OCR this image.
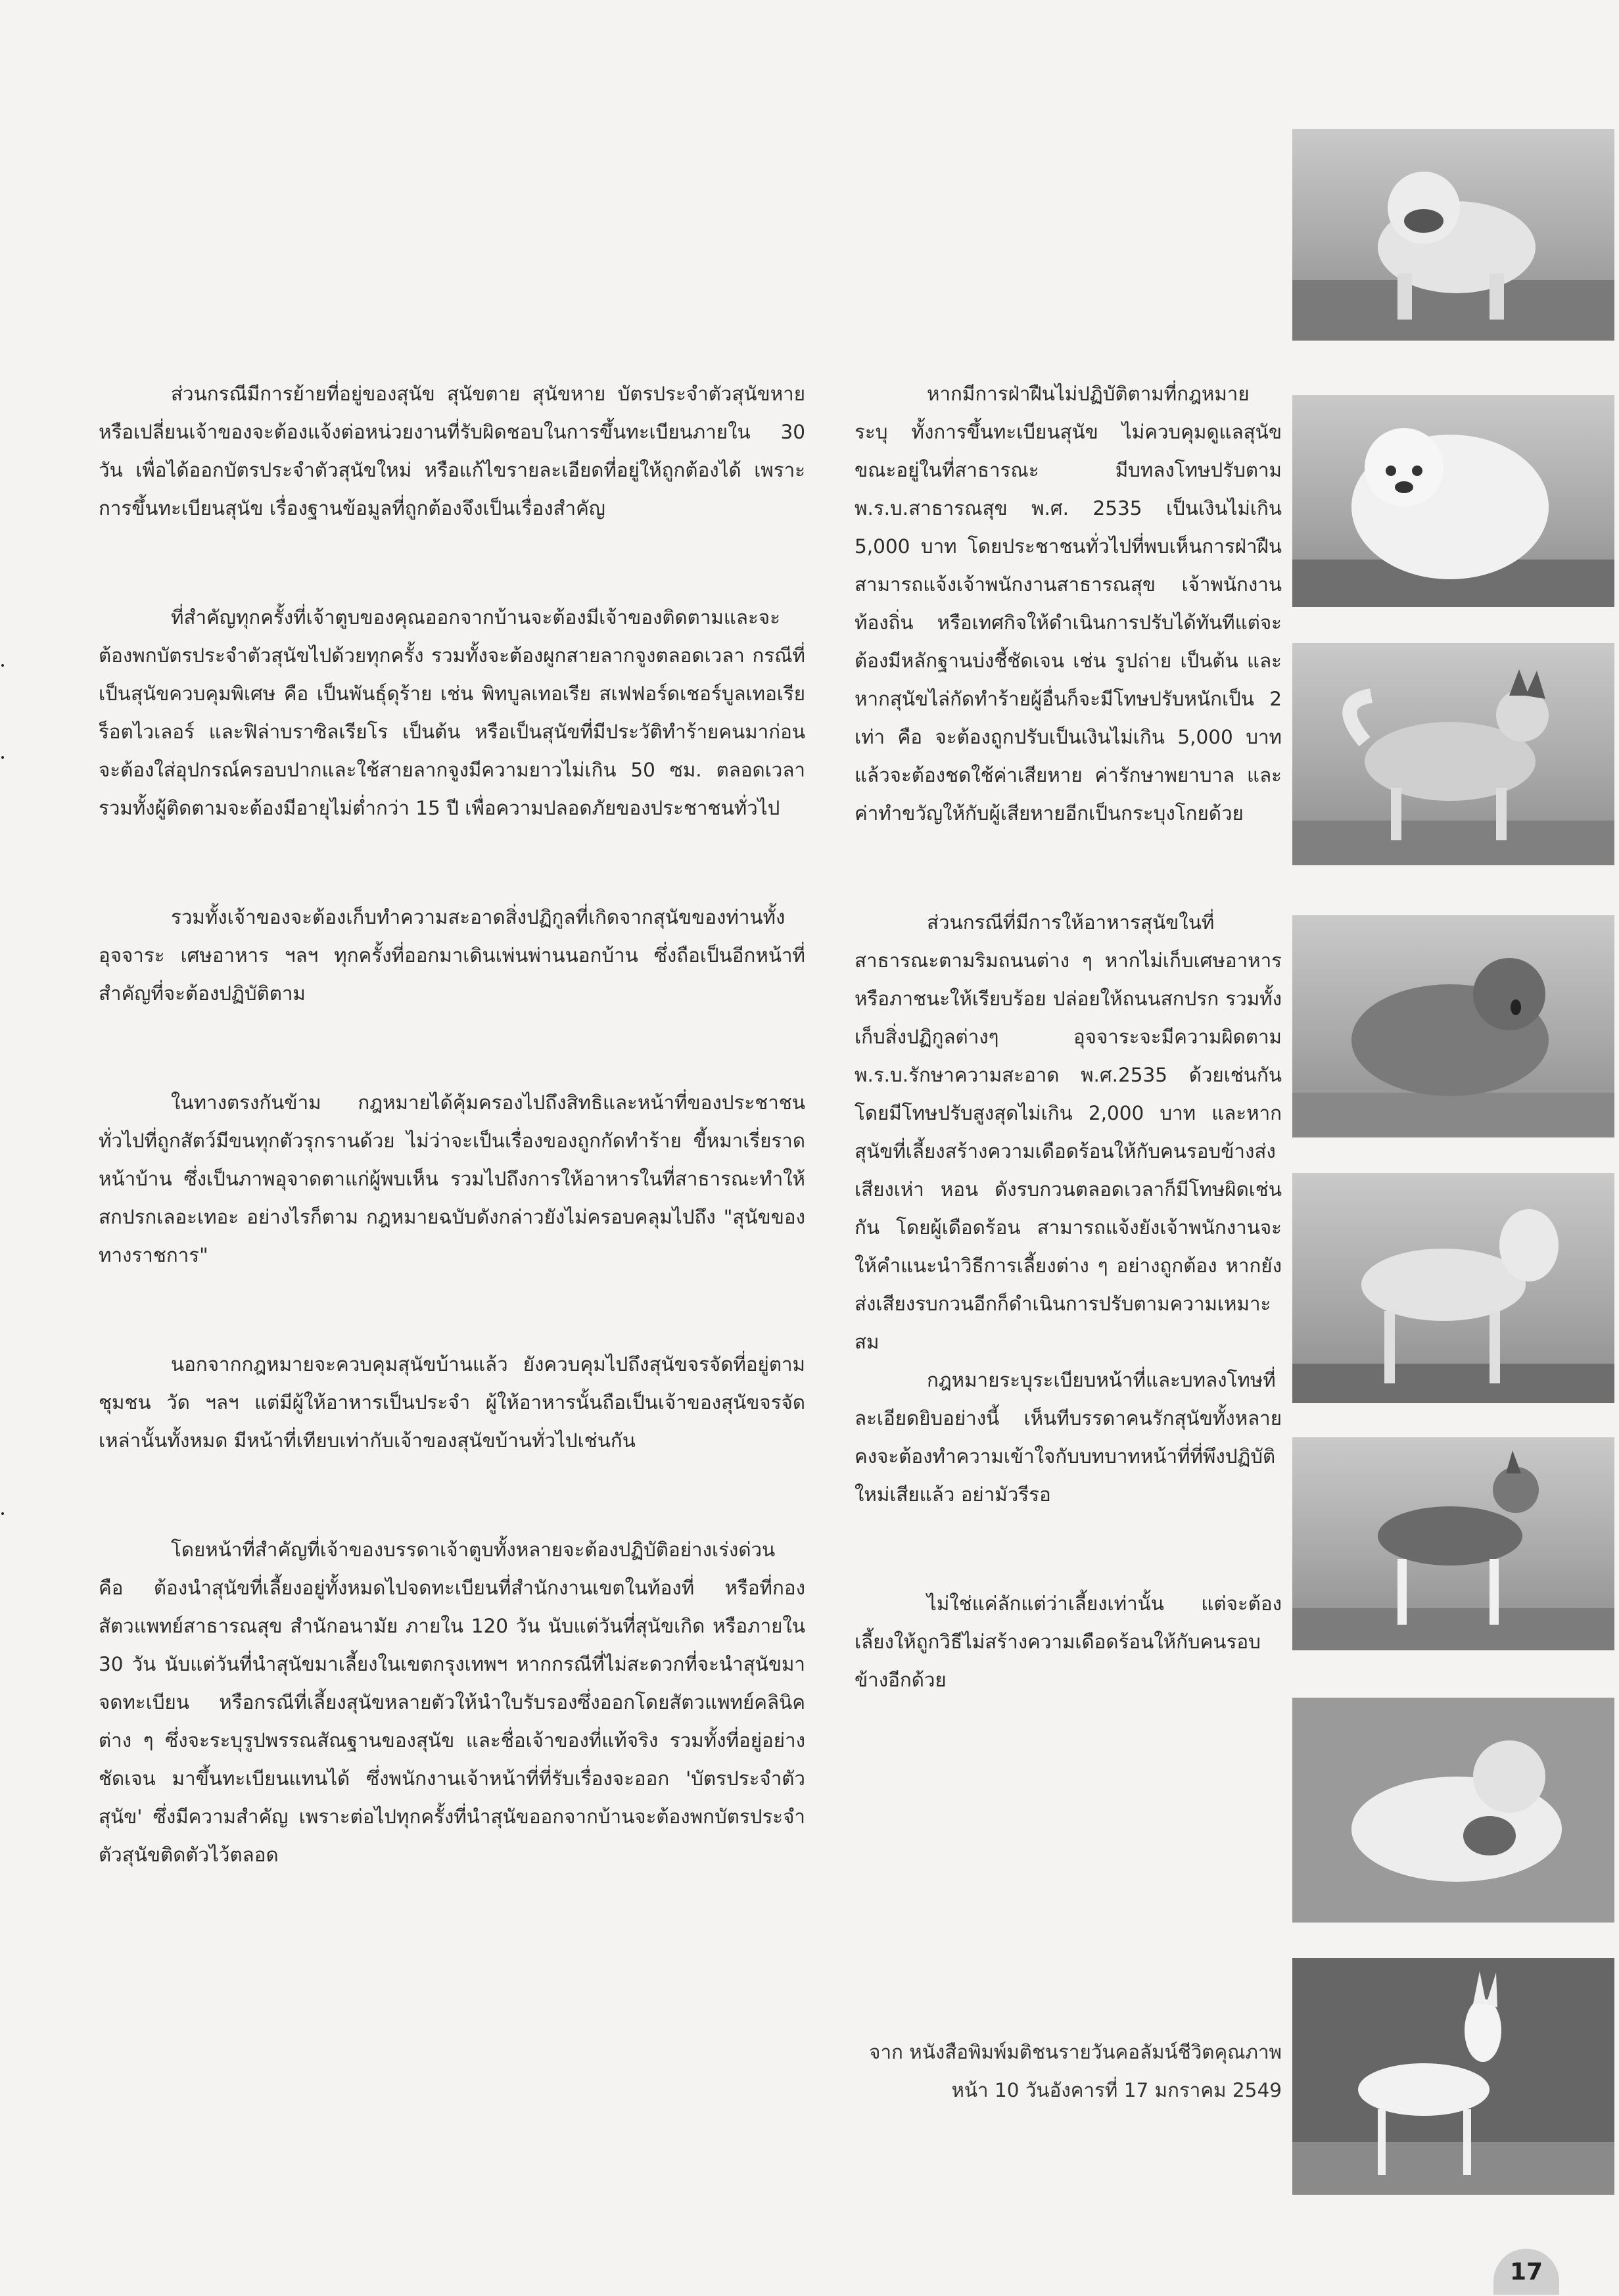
ส่วนกรณีมีการย้ายที่อยู่ของสุนัข สุนัขตาย สุนัขหาย บัตรประจำตัวสุนัขหาย หรือเปลี่ยนเจ้าของจะต้องแจ้งต่อหน่วยงานที่รับผิดชอบในการขึ้นทะเบียนภายใน 30 วัน เพื่อได้ออกบัตรประจำตัวสุนัขใหม่ หรือแก้ไขรายละเอียดที่อยู่ให้ถูกต้องได้ เพราะการขึ้นทะเบียนสุนัข เรื่องฐานข้อมูลที่ถูกต้องจึงเป็นเรื่องสำคัญ

ที่สำคัญทุกครั้งที่เจ้าตูบของคุณออกจากบ้านจะต้องมีเจ้าของติดตามและจะต้องพกบัตรประจำตัวสุนัขไปด้วยทุกครั้ง รวมทั้งจะต้องผูกสายลากจูงตลอดเวลา กรณีที่เป็นสุนัขควบคุมพิเศษ คือ เป็นพันธุ์ดุร้าย เช่น พิทบูลเทอเรีย สเฟฟอร์ดเชอร์บูลเทอเรีย ร็อตไวเลอร์ และฟิล่าบราซิลเรียโร เป็นต้น หรือเป็นสุนัขที่มีประวัติทำร้ายคนมาก่อน จะต้องใส่อุปกรณ์ครอบปากและใช้สายลากจูงมีความยาวไม่เกิน 50 ซม. ตลอดเวลา รวมทั้งผู้ติดตามจะต้องมีอายุไม่ต่ำกว่า 15 ปี เพื่อความปลอดภัยของประชาชนทั่วไป

รวมทั้งเจ้าของจะต้องเก็บทำความสะอาดสิ่งปฏิกูลที่เกิดจากสุนัขของท่านทั้งอุจจาระ เศษอาหาร ฯลฯ ทุกครั้งที่ออกมาเดินเพ่นพ่านนอกบ้าน ซึ่งถือเป็นอีกหน้าที่สำคัญที่จะต้องปฏิบัติตาม

ในทางตรงกันข้าม กฎหมายได้คุ้มครองไปถึงสิทธิและหน้าที่ของประชาชนทั่วไปที่ถูกสัตว์มีขนทุกตัวรุกรานด้วย ไม่ว่าจะเป็นเรื่องของถูกกัดทำร้าย ขี้หมาเรี่ยราดหน้าบ้าน ซึ่งเป็นภาพอุจาดตาแก่ผู้พบเห็น รวมไปถึงการให้อาหารในที่สาธารณะทำให้สกปรกเลอะเทอะ อย่างไรก็ตาม กฎหมายฉบับดังกล่าวยังไม่ครอบคลุมไปถึง "สุนัขของทางราชการ"

นอกจากกฎหมายจะควบคุมสุนัขบ้านแล้ว ยังควบคุมไปถึงสุนัขจรจัดที่อยู่ตามชุมชน วัด ฯลฯ แต่มีผู้ให้อาหารเป็นประจำ ผู้ให้อาหารนั้นถือเป็นเจ้าของสุนัขจรจัดเหล่านั้นทั้งหมด มีหน้าที่เทียบเท่ากับเจ้าของสุนัขบ้านทั่วไปเช่นกัน

โดยหน้าที่สำคัญที่เจ้าของบรรดาเจ้าตูบทั้งหลายจะต้องปฏิบัติอย่างเร่งด่วน คือ ต้องนำสุนัขที่เลี้ยงอยู่ทั้งหมดไปจดทะเบียนที่สำนักงานเขตในท้องที่ หรือที่กองสัตวแพทย์สาธารณสุข สำนักอนามัย ภายใน 120 วัน นับแต่วันที่สุนัขเกิด หรือภายใน 30 วัน นับแต่วันที่นำสุนัขมาเลี้ยงในเขตกรุงเทพฯ หากกรณีที่ไม่สะดวกที่จะนำสุนัขมาจดทะเบียน หรือกรณีที่เลี้ยงสุนัขหลายตัวให้นำใบรับรองซึ่งออกโดยสัตวแพทย์คลินิคต่าง ๆ ซึ่งจะระบุรูปพรรณสัณฐานของสุนัข และชื่อเจ้าของที่แท้จริง รวมทั้งที่อยู่อย่างชัดเจน มาขึ้นทะเบียนแทนได้ ซึ่งพนักงานเจ้าหน้าที่ที่รับเรื่องจะออก 'บัตรประจำตัวสุนัข' ซึ่งมีความสำคัญ เพราะต่อไปทุกครั้งที่นำสุนัขออกจากบ้านจะต้องพกบัตรประจำตัวสุนัขติดตัวไว้ตลอด

หากมีการฝ่าฝืนไม่ปฏิบัติตามที่กฎหมายระบุ ทั้งการขึ้นทะเบียนสุนัข ไม่ควบคุมดูแลสุนัขขณะอยู่ในที่สาธารณะ มีบทลงโทษปรับตาม พ.ร.บ.สาธารณสุข พ.ศ. 2535 เป็นเงินไม่เกิน 5,000 บาท โดยประชาชนทั่วไปที่พบเห็นการฝ่าฝืนสามารถแจ้งเจ้าพนักงานสาธารณสุข เจ้าพนักงานท้องถิ่น หรือเทศกิจให้ดำเนินการปรับได้ทันทีแต่จะต้องมีหลักฐานบ่งชี้ชัดเจน เช่น รูปถ่าย เป็นต้น และหากสุนัขไล่กัดทำร้ายผู้อื่นก็จะมีโทษปรับหนักเป็น 2 เท่า คือ จะต้องถูกปรับเป็นเงินไม่เกิน 5,000 บาท แล้วจะต้องชดใช้ค่าเสียหาย ค่ารักษาพยาบาล และค่าทำขวัญให้กับผู้เสียหายอีกเป็นกระบุงโกยด้วย

ส่วนกรณีที่มีการให้อาหารสุนัขในที่สาธารณะตามริมถนนต่าง ๆ หากไม่เก็บเศษอาหารหรือภาชนะให้เรียบร้อย ปล่อยให้ถนนสกปรก รวมทั้งเก็บสิ่งปฏิกูลต่างๆ อุจจาระจะมีความผิดตาม พ.ร.บ.รักษาความสะอาด พ.ศ.2535 ด้วยเช่นกันโดยมีโทษปรับสูงสุดไม่เกิน 2,000 บาท และหากสุนัขที่เลี้ยงสร้างความเดือดร้อนให้กับคนรอบข้างส่งเสียงเห่า หอน ดังรบกวนตลอดเวลาก็มีโทษผิดเช่นกัน โดยผู้เดือดร้อน สามารถแจ้งยังเจ้าพนักงานจะให้คำแนะนำวิธีการเลี้ยงต่าง ๆ อย่างถูกต้อง หากยังส่งเสียงรบกวนอีกก็ดำเนินการปรับตามความเหมาะสม

กฎหมายระบุระเบียบหน้าที่และบทลงโทษที่ละเอียดยิบอย่างนี้ เห็นทีบรรดาคนรักสุนัขทั้งหลายคงจะต้องทำความเข้าใจกับบทบาทหน้าที่ที่พึงปฏิบัติใหม่เสียแล้ว อย่ามัวรีรอ

ไม่ใช่แค่ลักแต่ว่าเลี้ยงเท่านั้น แต่จะต้องเลี้ยงให้ถูกวิธีไม่สร้างความเดือดร้อนให้กับคนรอบข้างอีกด้วย

จาก หนังสือพิมพ์มติชนรายวันคอลัมน์ชีวิตคุณภาพ
หน้า 10 วันอังคารที่ 17 มกราคม 2549
17
